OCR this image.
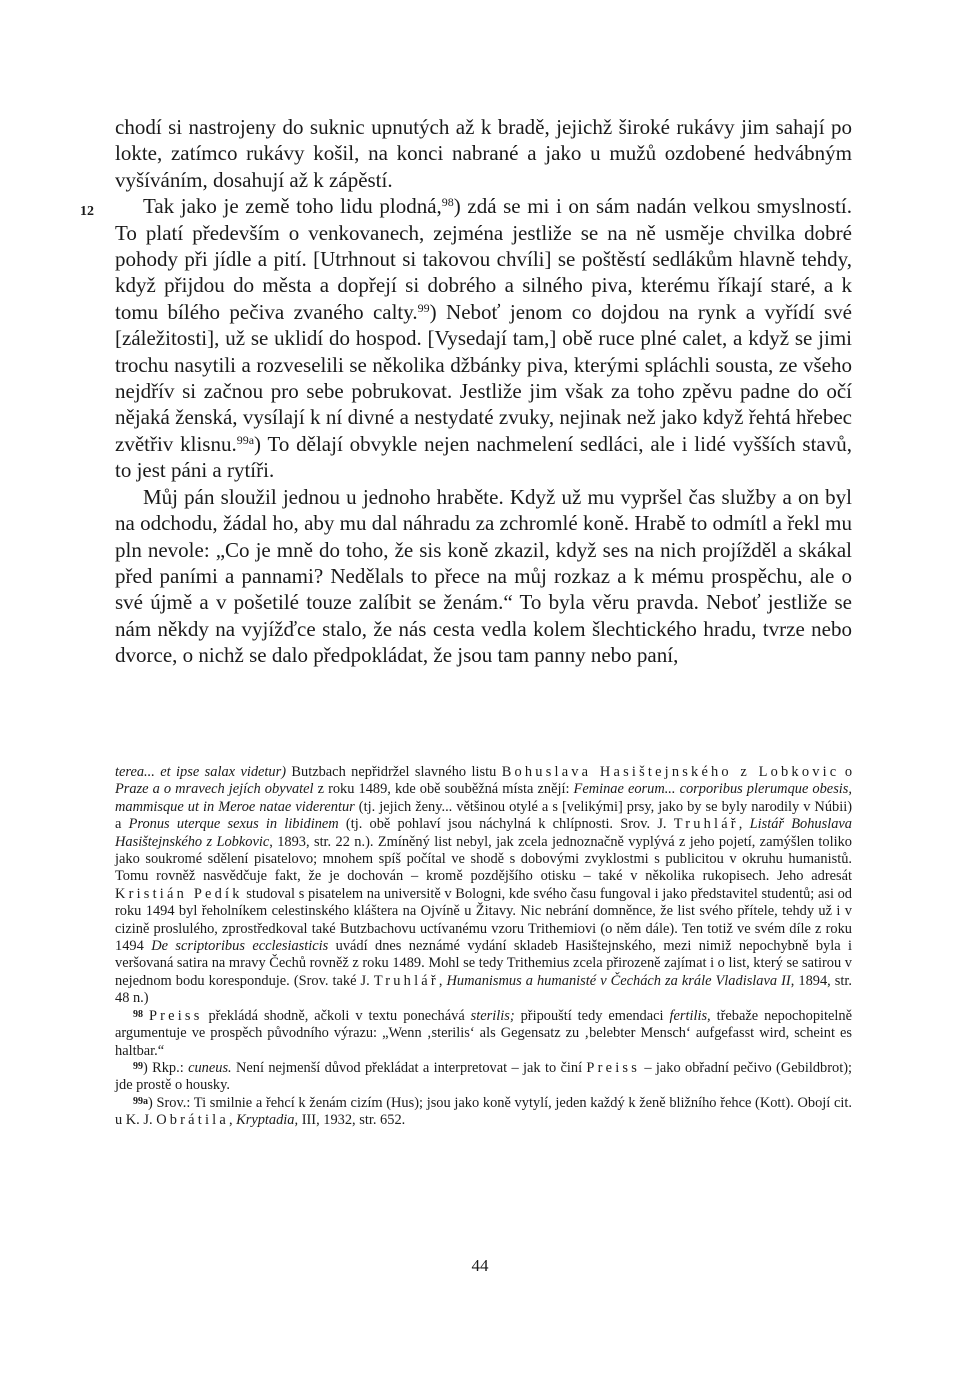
12

chodí si nastrojeny do suknic upnutých až k bradě, jejichž široké rukávy jim sahají po lokte, zatímco rukávy košil, na konci nabrané a jako u mužů ozdobené hedvábným vyšíváním, dosahují až k zápěstí.

Tak jako je země toho lidu plodná,$^{98}$) zdá se mi i on sám nadán velkou smyslností. To platí především o venkovanech, zejména jestliže se na ně usměje chvilka dobré pohody při jídle a pití. [Utrhnout si takovou chvíli] se poštěstí sedlákům hlavně tehdy, když přijdou do města a dopřejí si dobrého a silného piva, kterému říkají staré, a k tomu bílého pečiva zvaného calty.$^{99}$) Neboť jenom co dojdou na rynk a vyřídí své [záležitosti], už se uklidí do hospod. [Vysedají tam,] obě ruce plné calet, a když se jimi trochu nasytili a rozveselili se několika džbánky piva, kterými spláchli sousta, ze všeho nejdřív si začnou pro sebe pobrukovat. Jestliže jim však za toho zpěvu padne do očí nějaká ženská, vysílají k ní divné a nestydaté zvuky, nejinak než jako když řehtá hřebec zvětřiv klisnu.$^{99a}$) To dělají obvykle nejen nachmelení sedláci, ale i lidé vyšších stavů, to jest páni a rytíři.

Můj pán sloužil jednou u jednoho hraběte. Když už mu vypršel čas služby a on byl na odchodu, žádal ho, aby mu dal náhradu za zchromlé koně. Hrabě to odmítl a řekl mu pln nevole: „Co je mně do toho, že sis koně zkazil, když ses na nich projížděl a skákal před paními a pannami? Nedělals to přece na můj rozkaz a k mému prospěchu, ale o své újmě a v pošetilé touze zalíbit se ženám.“ To byla věru pravda. Neboť jestliže se nám někdy na vyjížďce stalo, že nás cesta vedla kolem šlechtického hradu, tvrze nebo dvorce, o nichž se dalo předpokládat, že jsou tam panny nebo paní,

terea... et ipse salax videtur) Butzbach nepřidržel slavného listu Bohuslava Hasištejnského z Lobkovic o Praze a o mravech jejích obyvatel z roku 1489, kde obě souběžná místa znějí: Feminae eorum... corporibus plerumque obesis, mammisque ut in Meroe natae viderentur (tj. jejich ženy... většinou otylé a s [velikými] prsy, jako by se byly narodily v Núbii) a Pronus uterque sexus in libidinem (tj. obě pohlaví jsou náchylná k chlípnosti. Srov. J. Truhlář, Listář Bohuslava Hasištejnského z Lobkovic, 1893, str. 22 n.). Zmíněný list nebyl, jak zcela jednoznačně vyplývá z jeho pojetí, zamýšlen toliko jako soukromé sdělení pisatelovo; mnohem spíš počítal ve shodě s dobovými zvyklostmi s publicitou v okruhu humanistů. Tomu rovněž nasvědčuje fakt, že je dochován – kromě pozdějšího otisku – také v několika rukopisech. Jeho adresát Kristián Pedík studoval s pisatelem na universitě v Bologni, kde svého času fungoval i jako představitel studentů; asi od roku 1494 byl řeholníkem celestinského kláštera na Ojvíně u Žitavy. Nic nebrání domněnce, že list svého přítele, tehdy už i v cizině proslulého, zprostředkoval také Butzbachovu uctívanému vzoru Trithemiovi (o něm dále). Ten totiž ve svém díle z roku 1494 De scriptoribus ecclesiasticis uvádí dnes neznámé vydání skladeb Hasištejnského, mezi nimiž nepochybně byla i veršovaná satira na mravy Čechů rovněž z roku 1489. Mohl se tedy Trithemius zcela přirozeně zajímat i o list, který se satirou v nejednom bodu koresponduje. (Srov. také J. Truhlář, Humanismus a humanisté v Čechách za krále Vladislava II, 1894, str. 48 n.)

$^{98}$ Preiss překládá shodně, ačkoli v textu ponechává sterilis; připouští tedy emendaci fertilis, třebaže nepochopitelně argumentuje ve prospěch původního výrazu: „Wenn ‚sterilis‘ als Gegensatz zu ‚belebter Mensch‘ aufgefasst wird, scheint es haltbar.“

$^{99}$) Rkp.: cuneus. Není nejmenší důvod překládat a interpretovat – jak to činí Preiss – jako obřadní pečivo (Gebildbrot); jde prostě o housky.

$^{99a}$) Srov.: Ti smilnie a řehcí k ženám cizím (Hus); jsou jako koně vytylí, jeden každý k ženě bližního řehce (Kott). Obojí cit. u K. J. Obrátila, Kryptadia, III, 1932, str. 652.

44
